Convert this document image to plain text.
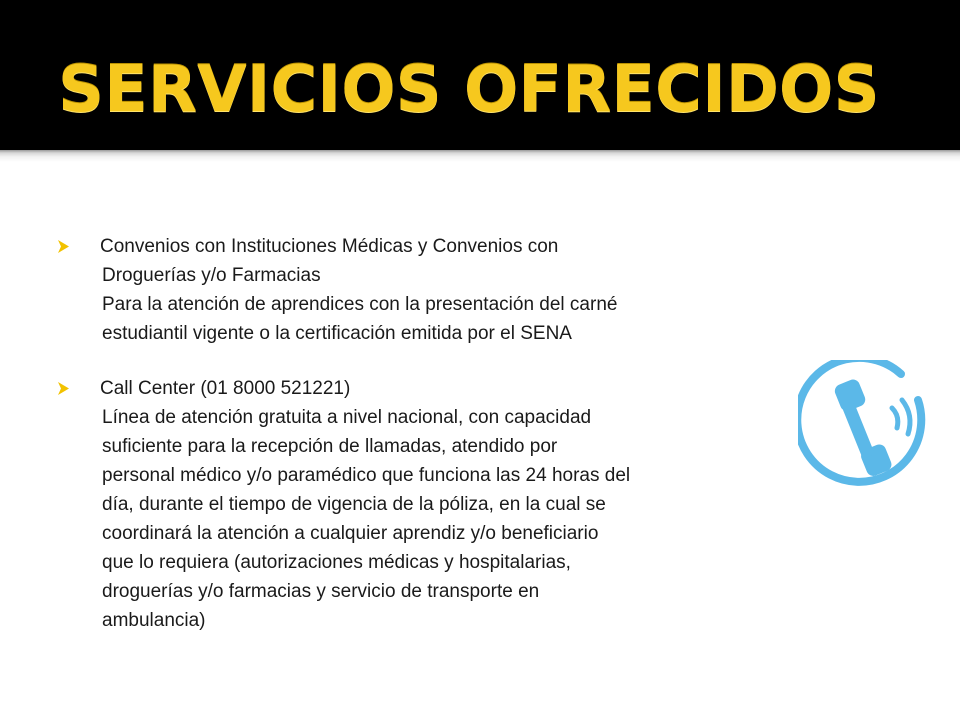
SERVICIOS OFRECIDOS
Convenios con Instituciones Médicas y Convenios con
Droguerías y/o Farmacias
Para la atención de aprendices con la presentación del carné
estudiantil vigente o la certificación emitida por el SENA
Call Center (01 8000 521221)
Línea de atención gratuita a nivel nacional, con capacidad
suficiente para la recepción de llamadas, atendido por
personal médico y/o paramédico que funciona las 24 horas del
día, durante el tiempo de vigencia de la póliza, en la cual se
coordinará la atención a cualquier aprendiz y/o beneficiario
que lo requiera (autorizaciones médicas y hospitalarias,
droguerías y/o farmacias y servicio de transporte en
ambulancia)
